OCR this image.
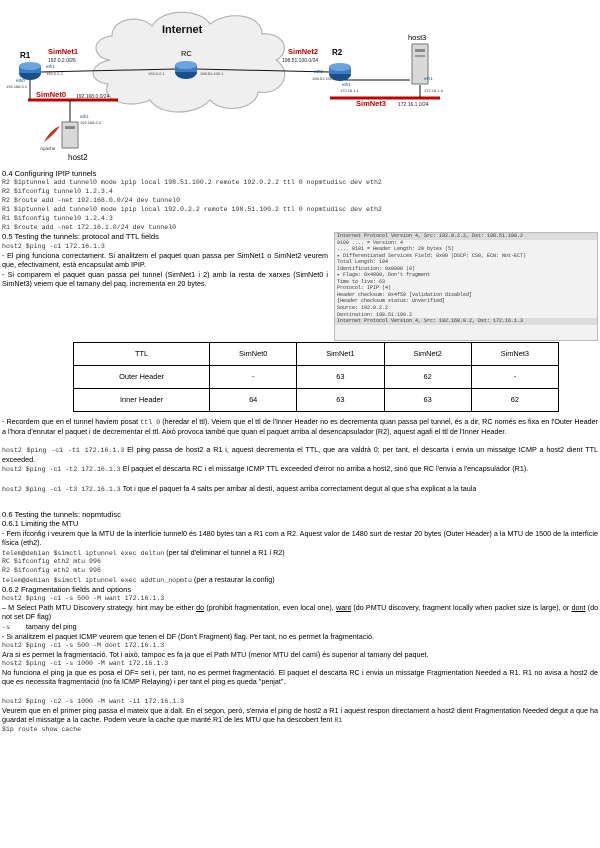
Internet
R1 SimNet1
192.0.2.0/26
RC	SimNet2
198.51.100.0/24
R2
host3
SimNet0 192.168.0.0/24
SimNet3 172.16.1.0/24
host2
Apache
eth1
192.0.2.2
eth0
192.168.0.1
192.0.2.1	198.51.100.1	eth2
198.51.100.2
eth1
172.16.1.1
eth1
172.16.1.3
eth1
192.168.0.2
0.4 Configuring IPIP tunnels
R2 $iptunnel add tunnel0 mode ipip local 198.51.100.2 remote 192.0.2.2 ttl 0 nopmtudisc dev eth2
R2 $ifconfig tunnel0 1.2.3.4
R2 $route add -net 192.168.0.0/24 dev tunnel0
R1 $iptunnel add tunnel0 mode ipip local 192.0.2.2 remote 198.51.100.2 ttl 0 nopmtudisc dev eth2
R1 $ifconfig tunnel0 1.2.4.3
R1 $route add -net 172.16.1.0/24 dev tunnel0
0.5 Testing the tunnels: protocol and TTL fields
host2 $ping -c1 172.16.1.3
- El ping funciona correctament. Si analitzem el paquet quan passa per SimNet1 o SimNet2 veurem que, efectivament, està encapsulat amb IPIP.
- Si comparem el paquet quan passa pel tunnel (SimNet1 i 2) amb la resta de xarxes (SimNet0 i SimNet3) veiem que el tamany del paq. incrementa en 20 bytes.
Internet Protocol Version 4, Src: 192.0.2.2, Dst: 198.51.100.2
0100 .... = Version: 4
.... 0101 = Header Length: 20 bytes (5)
▸ Differentiated Services Field: 0x00 (DSCP: CS0, ECN: Not-ECT)
Total Length: 104
Identification: 0x0000 (0)
▸ Flags: 0x4000, Don't fragment
Time to live: 63
Protocol: IPIP (4)
Header checksum: 0x4f50 [validation disabled]
[Header checksum status: Unverified]
Source: 192.0.2.2
Destination: 198.51.100.2
Internet Protocol Version 4, Src: 192.168.0.2, Dst: 172.16.1.3
TTL	SimNet0	SimNet1	SimNet2	SimNet3
Outer Header	-	63	62	-
Inner Header	64	63	63	62
- Recordem que en el tunnel haviem posat ttl 0 (heredar el ttl). Veiem que el ttl de l'Inner Header no es decrementa quan passa pel tunnel, és a dir, RC només es fixa en l'Outer Header a l'hora d'enrutar el paquet i de decrementar el ttl. Això provoca també que quan el paquet arriba al desencapsulador (R2), aquest agafi el ttl de l'Inner Header.
host2 $ping -c1 -t1 172.16.1.3 El ping passa de host2 a R1 i, aquest decrementa el TTL, que ara valdrà 0; per tant, el descarta i envia un missatge ICMP a host2 dient TTL exceeded.
host2 $ping -c1 -t2 172.16.1.3 El paquet el descarta RC i el missatge ICMP TTL exceeded d'error no arriba a host2, sinó que RC l'envia a l'encapsulador (R1).
host2 $ping -c1 -t3 172.16.1.3 Tot i que el paquet fa 4 salts per arribar al destí, aquest arriba correctament degut al que s'ha explicat a la taula
0.6 Testing the tunnels: nopmtudisc
0.6.1 Limiting the MTU
- Fem ifconfig i veurem que la MTU de la interfície tunnel0 és 1480 bytes tan a R1 com a R2. Aquest valor de 1480 surt de restar 20 bytes (Outer Header) a la MTU de 1500 de la interfície física (eth2).
telem@debian $simctl iptunnel exec deltun (per tal d'eliminar el tunnel a R1 i R2)
RC $ifconfig eth2 mtu 996
R2 $ifconfig eth2 mtu 996
telem@debian $simctl iptunnel exec addtun_nopmtu (per a restaurar la config)
0.6.2 Fragmentation fields and options
host2 $ping -c1 -s 500 -M want 172.16.1.3
– M Select Path MTU Discovery strategy. hint may be either do (prohibit fragmentation, even local one), want (do PMTU discovery, fragment locally when packet size is large), or dont (do not set DF flag)
-s tamany del ping
- Si analitzem el paquet ICMP veurem que tenen el DF (Don't Fragment) flag. Per tant, no es permet la fragmentació.
host2 $ping -c1 -s 500 -M dont 172.16.1.3
Ara si es permet la fragmentació. Tot i això, tampoc es fa ja que el Path MTU (menor MTU del camí) és superior al tamany del paquet.
host2 $ping -c1 -s 1000 -M want 172.16.1.3
No funciona el ping ja que es posa el DF= set i, per tant, no es permet fragmentació. El paquet el descarta RC i envia un missatge Fragmentation Needed a R1. R1 no avisa a host2 de que es necessita fragmentació (no fa ICMP Relaying) i per tant el ping es queda "penjat".
host2 $ping -c2 -s 1000 -M want -i1 172.16.1.3
Veurem que en el primer ping passa el mateix que a dalt. En el segon, però, s'envia el ping de host2 a R1 i aquest respon directament a host2 dient Fragmentation Needed degut a que ha guardat el missatge a la cache. Podem veure la cache que manté R1 de les MTU que ha descobert fent R1
$ip route show cache
